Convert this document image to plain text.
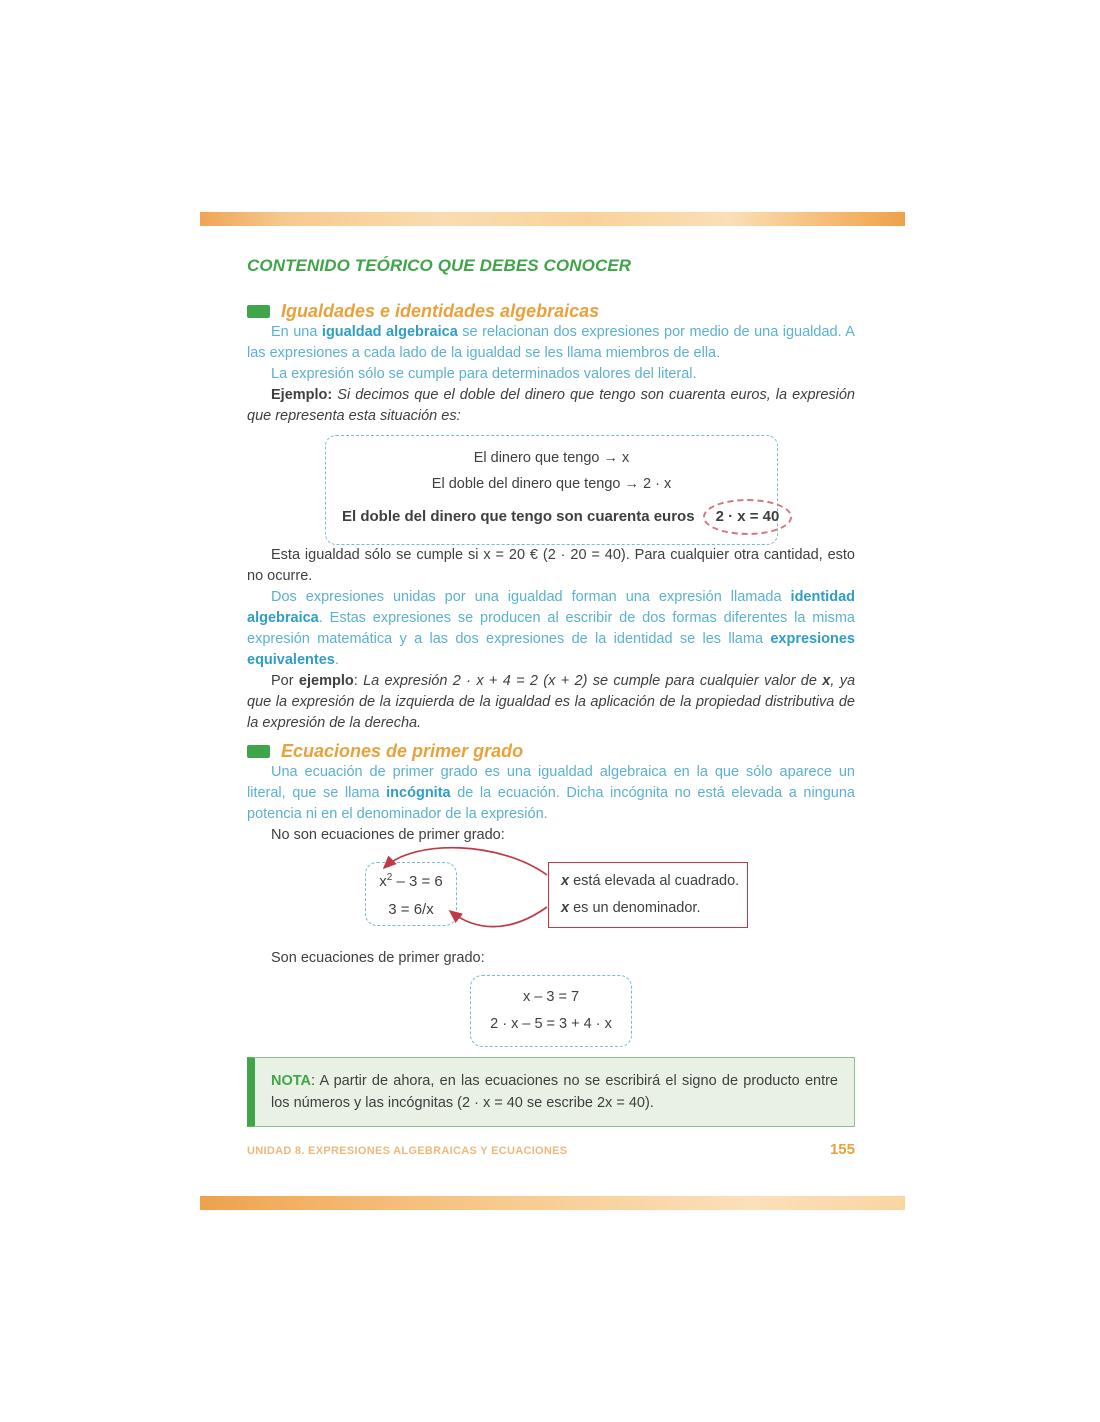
CONTENIDO TEÓRICO QUE DEBES CONOCER
Igualdades e identidades algebraicas

En una igualdad algebraica se relacionan dos expresiones por medio de una igualdad. A las expresiones a cada lado de la igualdad se les llama miembros de ella.

La expresión sólo se cumple para determinados valores del literal.

Ejemplo: Si decimos que el doble del dinero que tengo son cuarenta euros, la expresión que representa esta situación es:

El dinero que tengo → x
El doble del dinero que tengo → 2 · x
El doble del dinero que tengo son cuarenta euros	2 · x = 40

Esta igualdad sólo se cumple si x = 20 € (2 · 20 = 40). Para cualquier otra cantidad, esto no ocurre.

Dos expresiones unidas por una igualdad forman una expresión llamada identidad algebraica. Estas expresiones se producen al escribir de dos formas diferentes la misma expresión matemática y a las dos expresiones de la identidad se les llama expresiones equivalentes.

Por ejemplo: La expresión 2 · x + 4 = 2 (x + 2) se cumple para cualquier valor de x, ya que la expresión de la izquierda de la igualdad es la aplicación de la propiedad distributiva de la expresión de la derecha.

Ecuaciones de primer grado

Una ecuación de primer grado es una igualdad algebraica en la que sólo aparece un literal, que se llama incógnita de la ecuación. Dicha incógnita no está elevada a ninguna potencia ni en el denominador de la expresión.

No son ecuaciones de primer grado:

$x^2 - 3 = 6$
3 = 6/x
x está elevada al cuadrado.
x es un denominador.

Son ecuaciones de primer grado:

x – 3 = 7
2 · x – 5 = 3 + 4 · x

NOTA: A partir de ahora, en las ecuaciones no se escribirá el signo de producto entre los números y las incógnitas (2 · x = 40 se escribe 2x = 40).

UNIDAD 8. EXPRESIONES ALGEBRAICAS Y ECUACIONES	155
